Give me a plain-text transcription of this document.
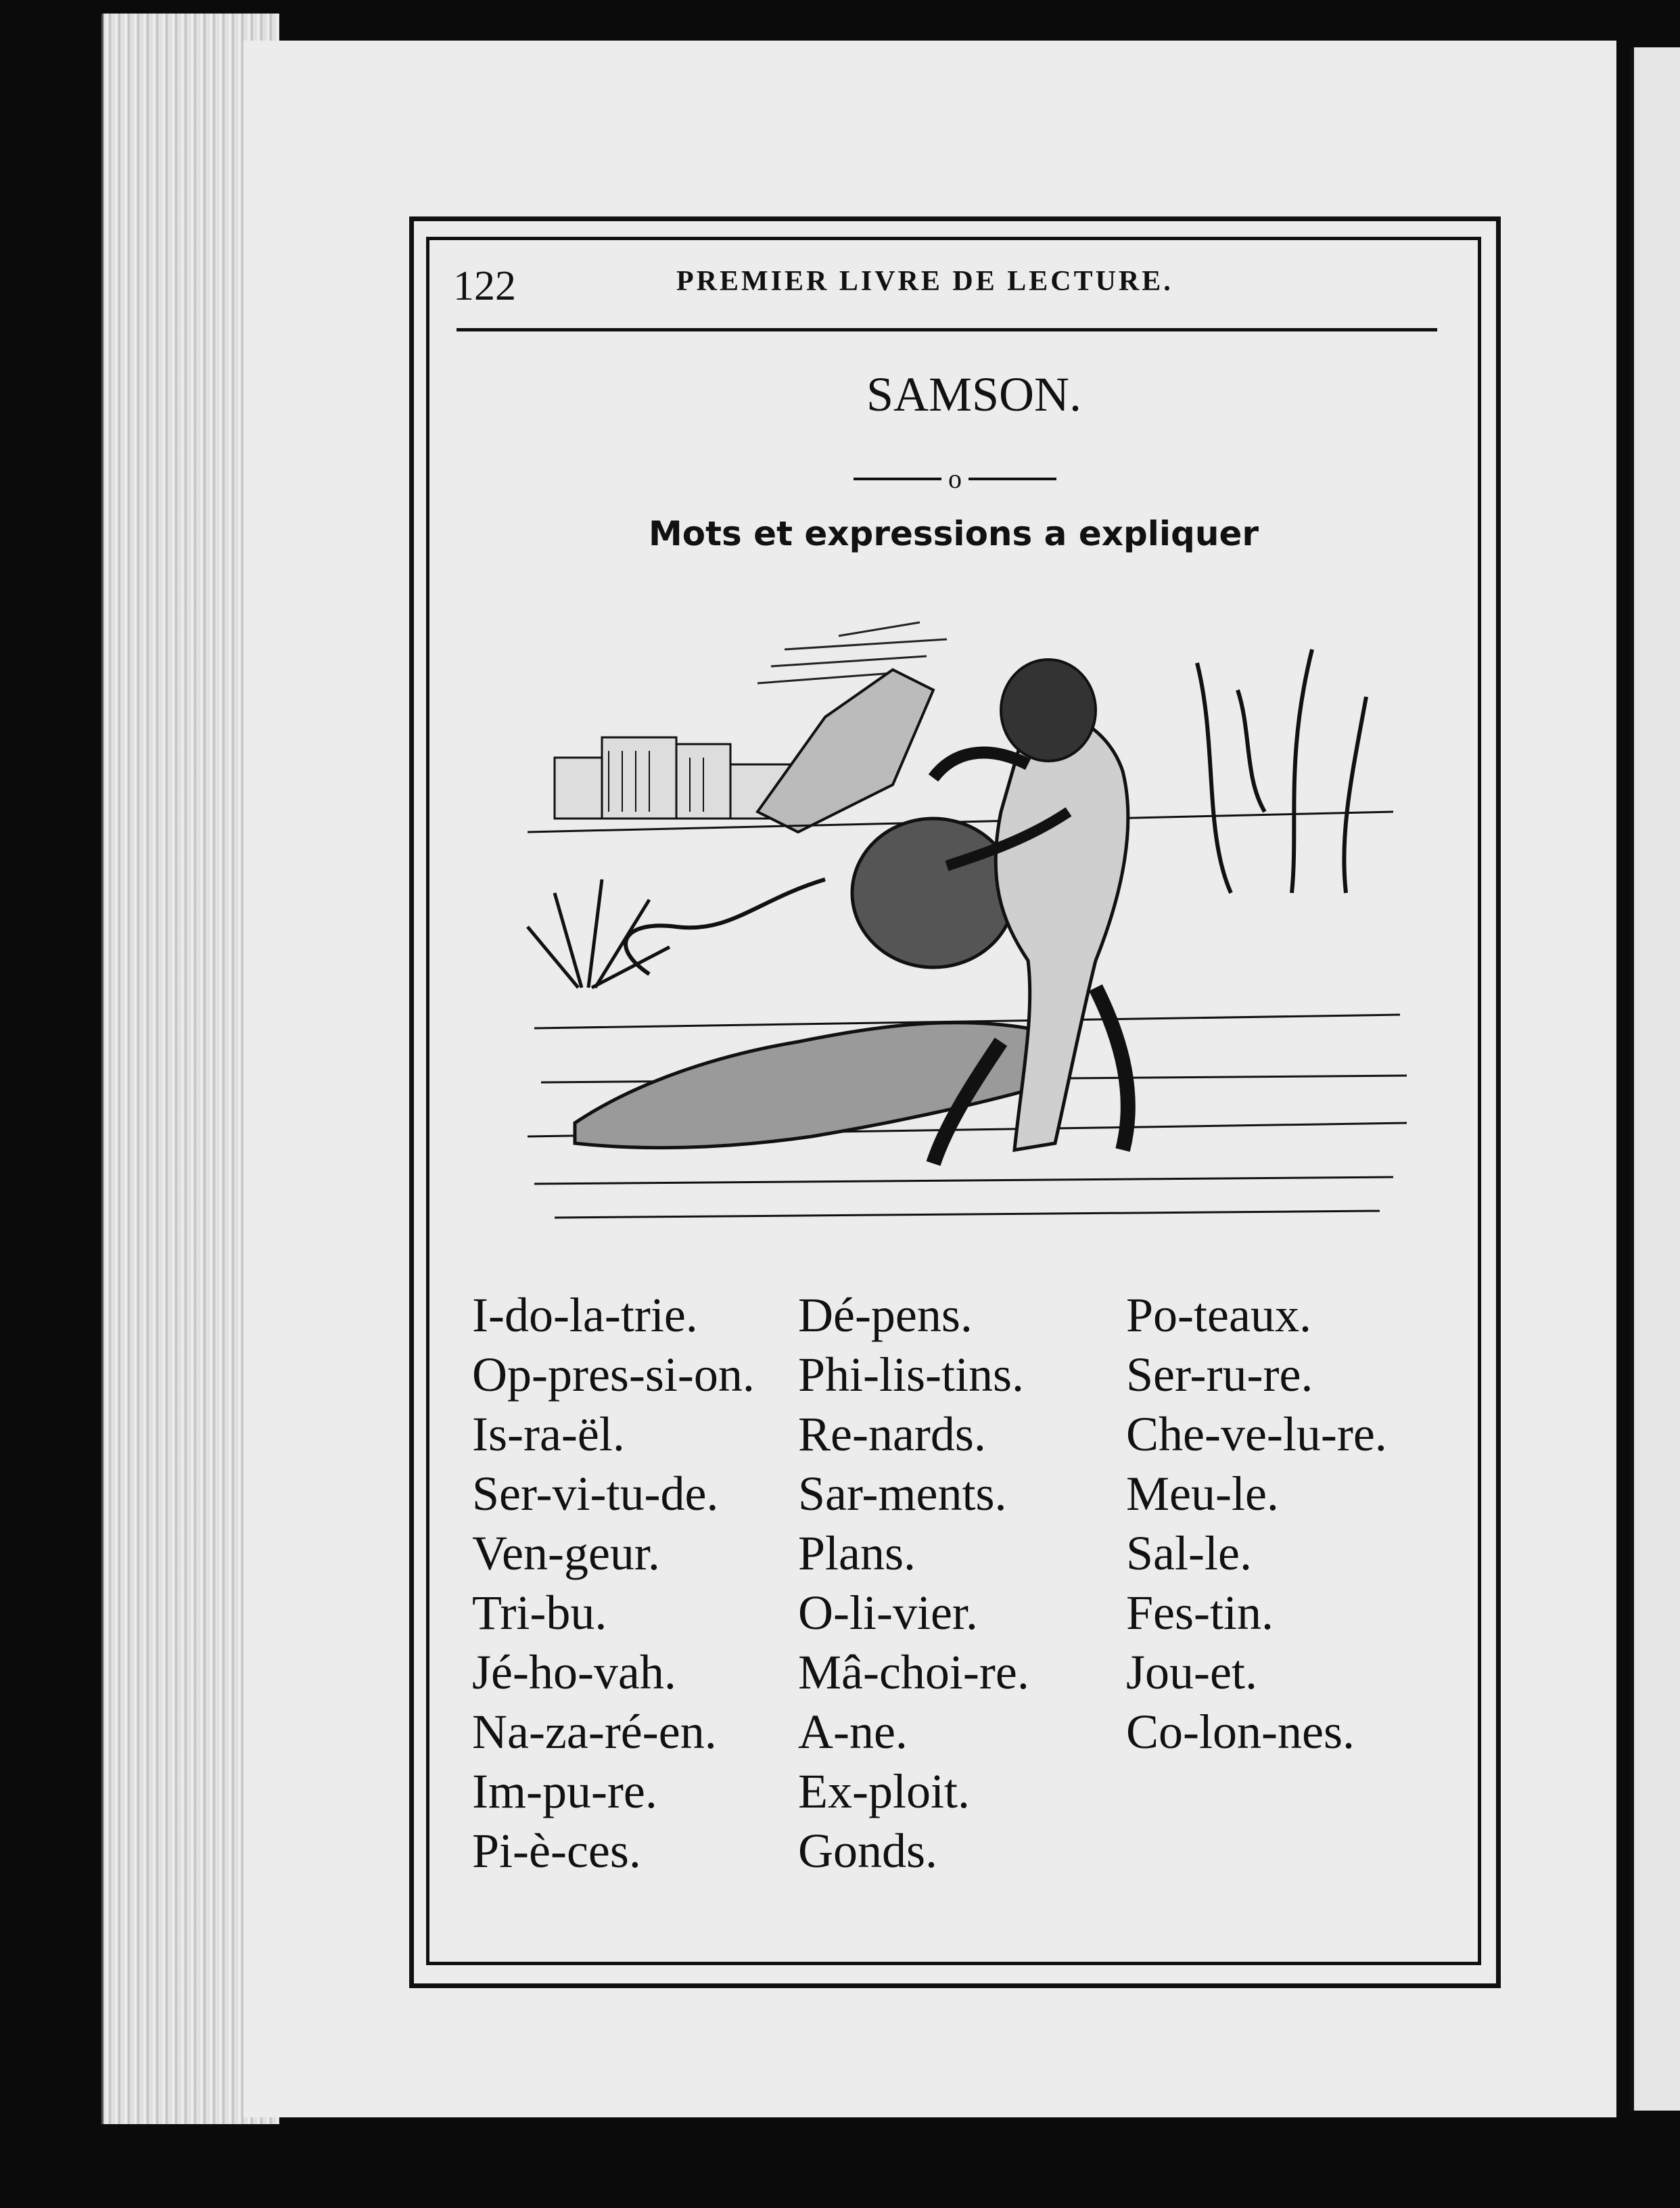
122	PREMIER LIVRE DE LECTURE.
SAMSON.
o
Mots et expressions a expliquer
I-do-la-trie.
Op-pres-si-on.
Is-ra-ël.
Ser-vi-tu-de.
Ven-geur.
Tri-bu.
Jé-ho-vah.
Na-za-ré-en.
Im-pu-re.
Pi-è-ces.
Dé-pens.
Phi-lis-tins.
Re-nards.
Sar-ments.
Plans.
O-li-vier.
Mâ-choi-re.
A-ne.
Ex-ploit.
Gonds.
Po-teaux.
Ser-ru-re.
Che-ve-lu-re.
Meu-le.
Sal-le.
Fes-tin.
Jou-et.
Co-lon-nes.
